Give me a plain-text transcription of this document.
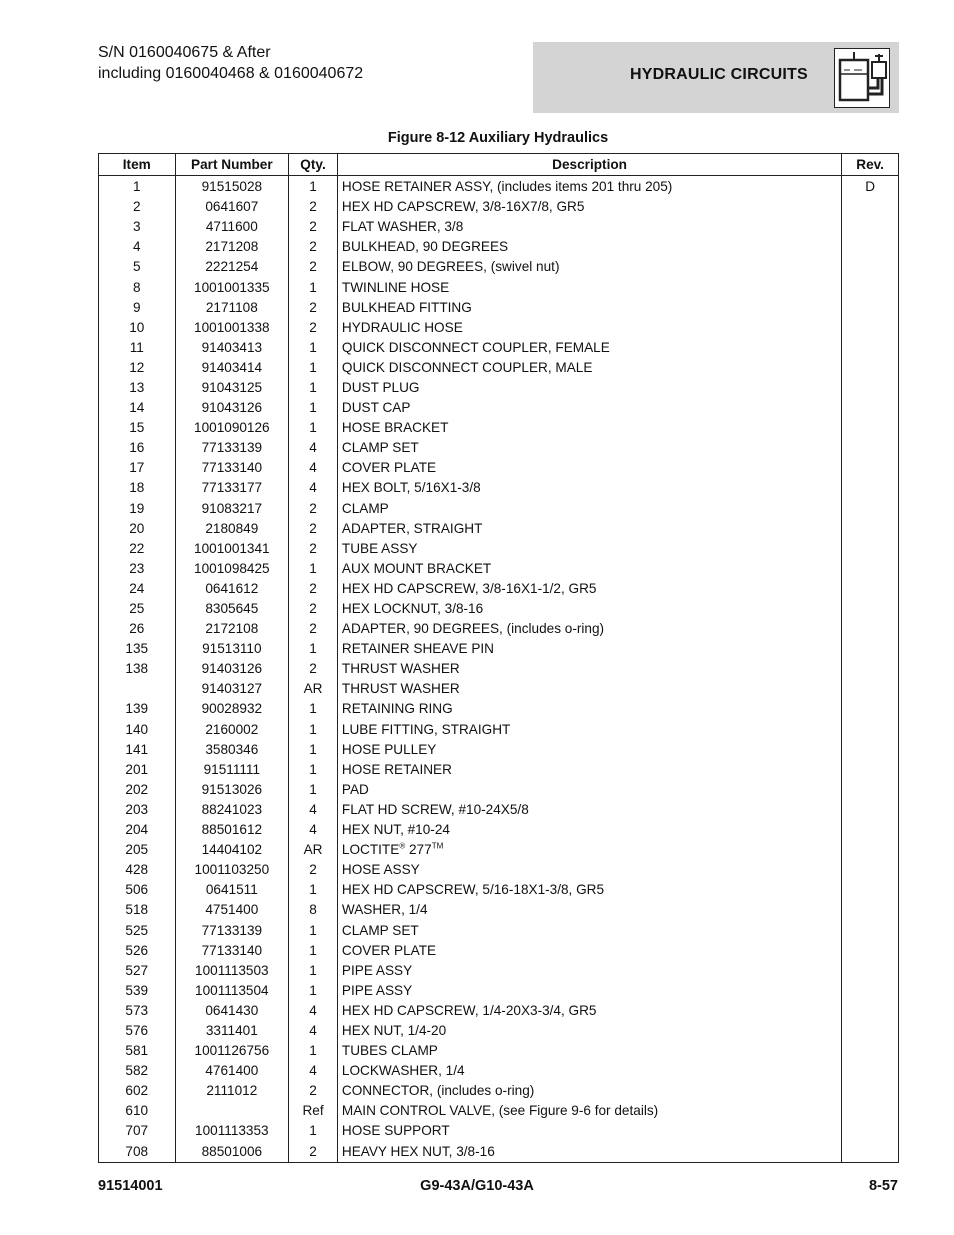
S/N 0160040675 & After
including 0160040468 & 0160040672	HYDRAULIC CIRCUITS
Figure 8-12 Auxiliary Hydraulics
Item	Part Number	Qty.	Description	Rev.
1	91515028	1	HOSE RETAINER ASSY, (includes items 201 thru 205)	D
2	0641607	2	HEX HD CAPSCREW, 3/8-16X7/8, GR5	
3	4711600	2	FLAT WASHER, 3/8	
4	2171208	2	BULKHEAD, 90 DEGREES	
5	2221254	2	ELBOW, 90 DEGREES, (swivel nut)	
8	1001001335	1	TWINLINE HOSE	
9	2171108	2	BULKHEAD FITTING	
10	1001001338	2	HYDRAULIC HOSE	
11	91403413	1	QUICK DISCONNECT COUPLER, FEMALE	
12	91403414	1	QUICK DISCONNECT COUPLER, MALE	
13	91043125	1	DUST PLUG	
14	91043126	1	DUST CAP	
15	1001090126	1	HOSE BRACKET	
16	77133139	4	CLAMP SET	
17	77133140	4	COVER PLATE	
18	77133177	4	HEX BOLT, 5/16X1-3/8	
19	91083217	2	CLAMP	
20	2180849	2	ADAPTER, STRAIGHT	
22	1001001341	2	TUBE ASSY	
23	1001098425	1	AUX MOUNT BRACKET	
24	0641612	2	HEX HD CAPSCREW, 3/8-16X1-1/2, GR5	
25	8305645	2	HEX LOCKNUT, 3/8-16	
26	2172108	2	ADAPTER, 90 DEGREES, (includes o-ring)	
135	91513110	1	RETAINER SHEAVE PIN	
138	91403126	2	THRUST WASHER	
	91403127	AR	THRUST WASHER	
139	90028932	1	RETAINING RING	
140	2160002	1	LUBE FITTING, STRAIGHT	
141	3580346	1	HOSE PULLEY	
201	91511111	1	HOSE RETAINER	
202	91513026	1	PAD	
203	88241023	4	FLAT HD SCREW, #10-24X5/8	
204	88501612	4	HEX NUT, #10-24	
205	14404102	AR	LOCTITE® 277™	
428	1001103250	2	HOSE ASSY	
506	0641511	1	HEX HD CAPSCREW, 5/16-18X1-3/8, GR5	
518	4751400	8	WASHER, 1/4	
525	77133139	1	CLAMP SET	
526	77133140	1	COVER PLATE	
527	1001113503	1	PIPE ASSY	
539	1001113504	1	PIPE ASSY	
573	0641430	4	HEX HD CAPSCREW, 1/4-20X3-3/4, GR5	
576	3311401	4	HEX NUT, 1/4-20	
581	1001126756	1	TUBES CLAMP	
582	4761400	4	LOCKWASHER, 1/4	
602	2111012	2	CONNECTOR, (includes o-ring)	
610		Ref	MAIN CONTROL VALVE, (see Figure 9-6 for details)	
707	1001113353	1	HOSE SUPPORT	
708	88501006	2	HEAVY HEX NUT, 3/8-16	
91514001	G9-43A/G10-43A	8-57
